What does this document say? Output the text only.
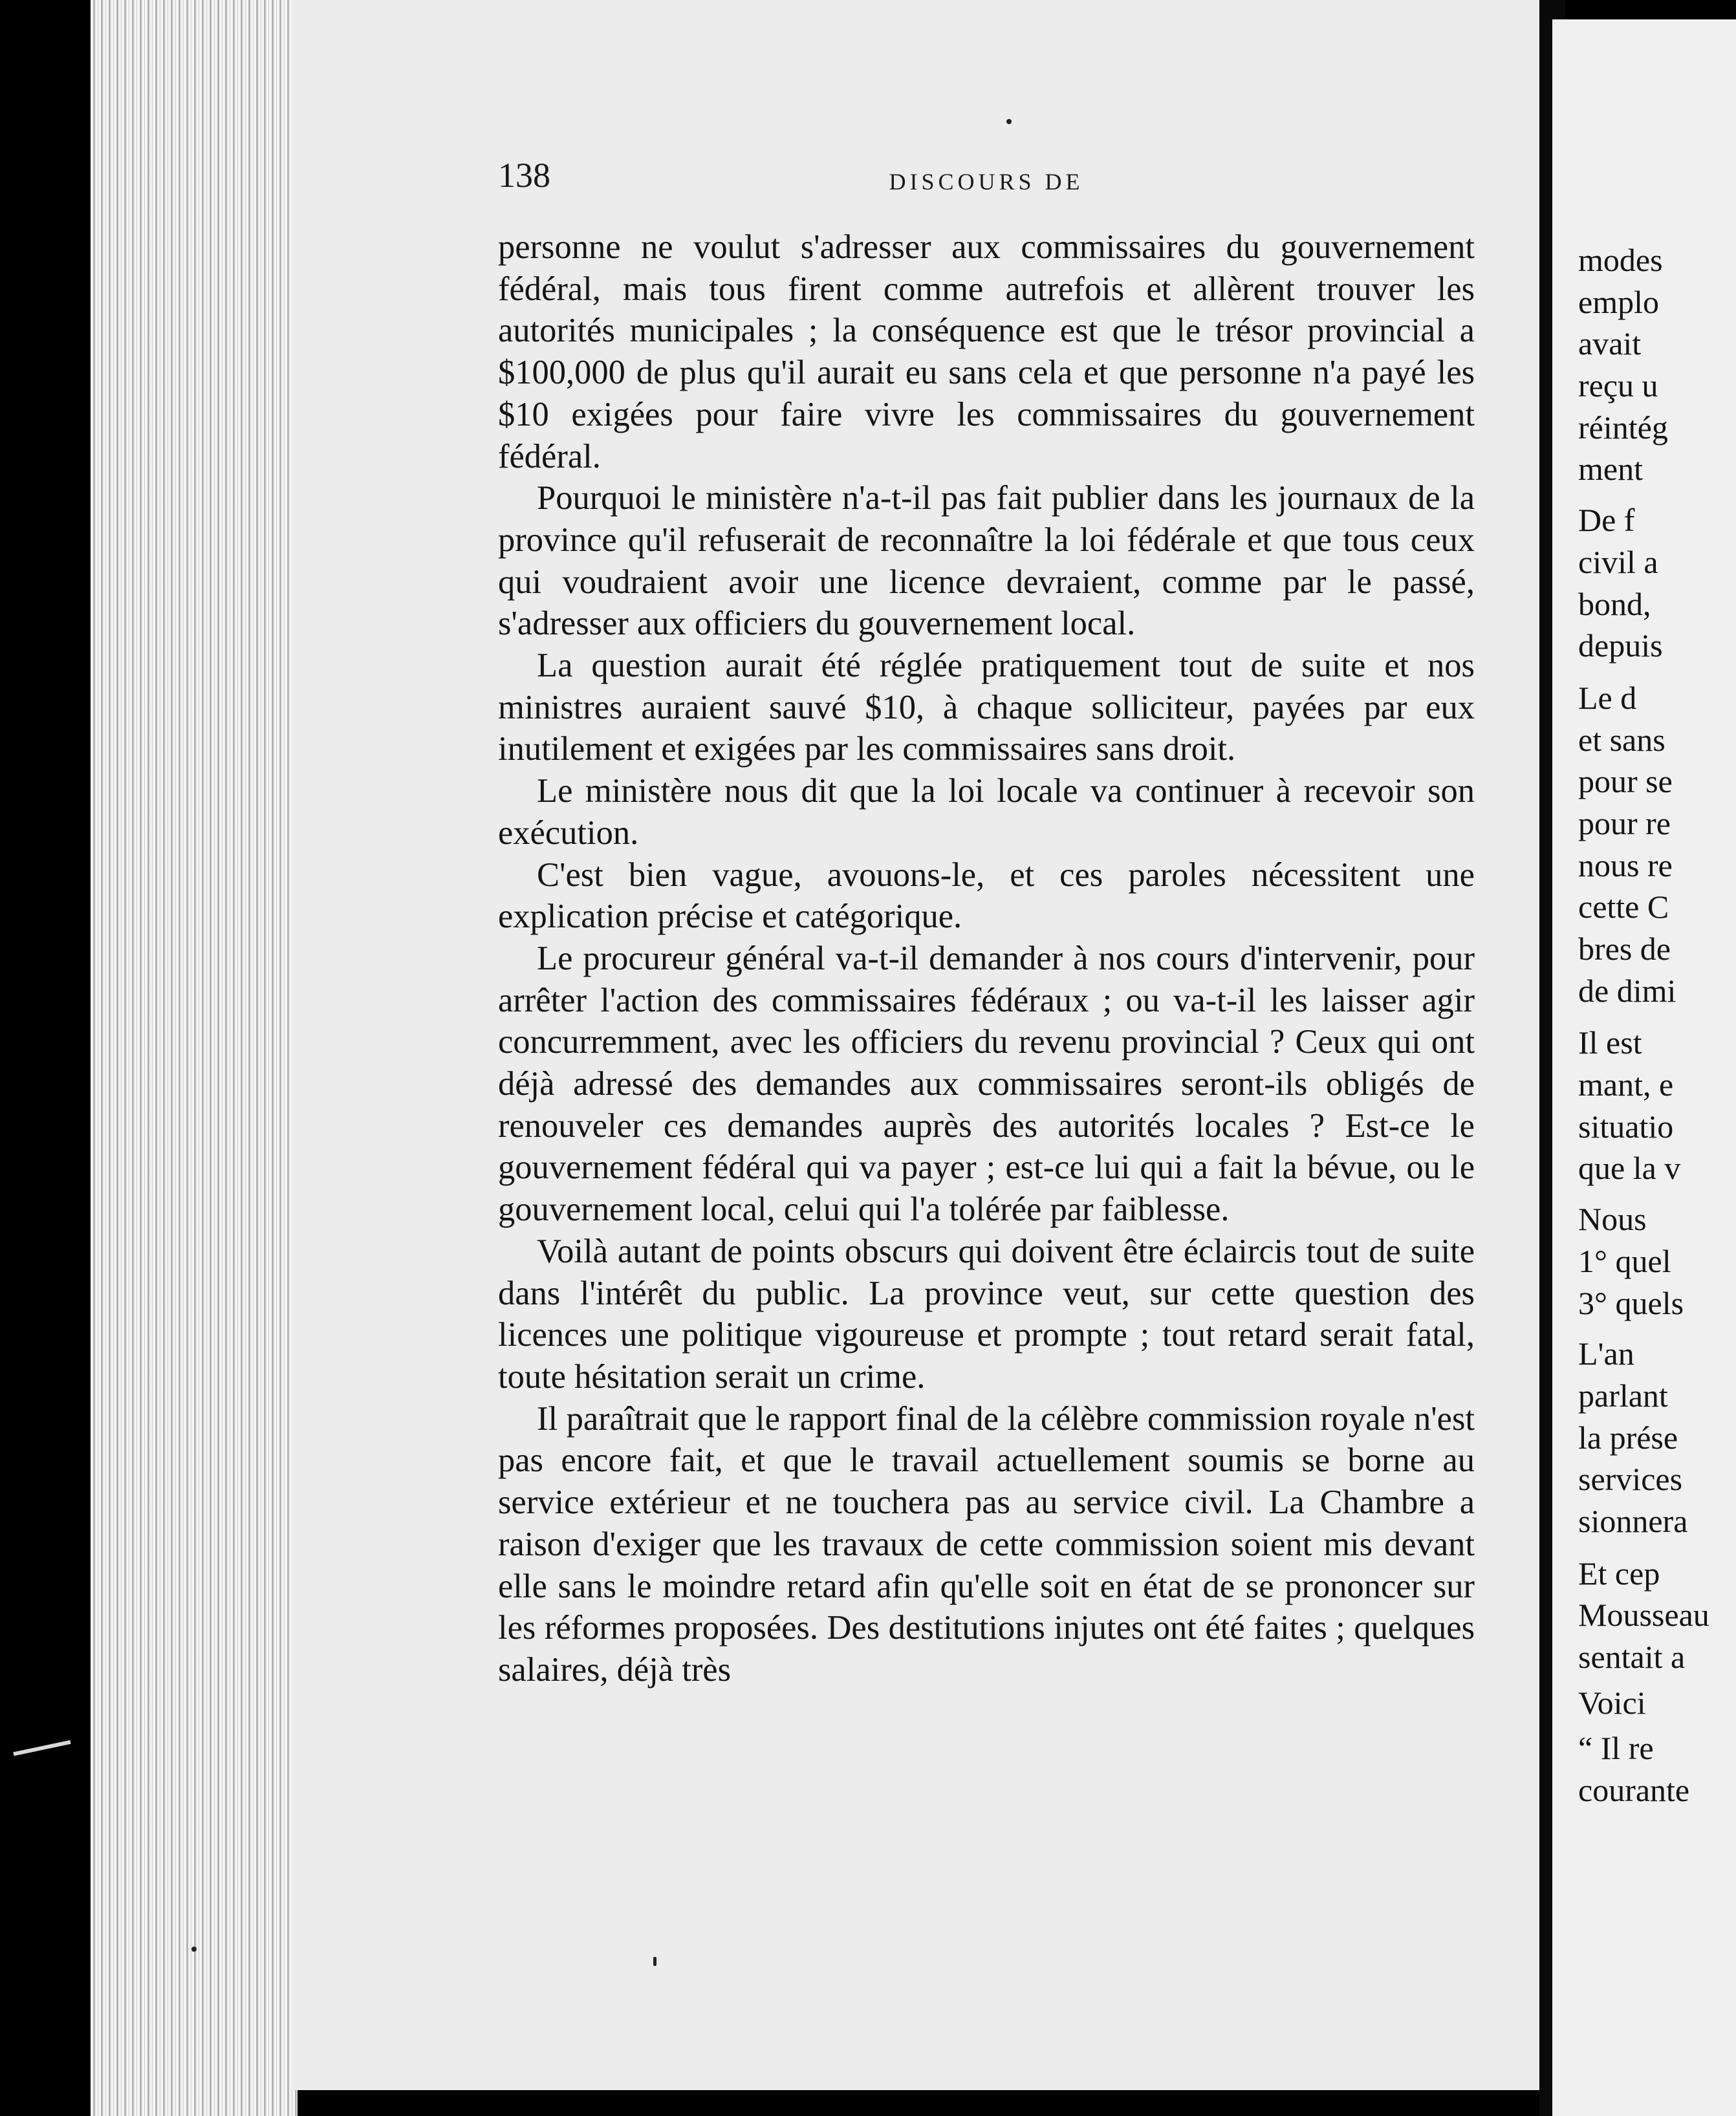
138	DISCOURS DE

personne ne voulut s'adresser aux commissaires du gouvernement fédéral, mais tous firent comme autrefois et allèrent trouver les autorités municipales ; la conséquence est que le trésor provincial a $100,000 de plus qu'il aurait eu sans cela et que personne n'a payé les $10 exigées pour faire vivre les commissaires du gouvernement fédéral.

Pourquoi le ministère n'a-t-il pas fait publier dans les journaux de la province qu'il refuserait de reconnaître la loi fédérale et que tous ceux qui voudraient avoir une licence devraient, comme par le passé, s'adresser aux officiers du gouvernement local.

La question aurait été réglée pratiquement tout de suite et nos ministres auraient sauvé $10, à chaque solliciteur, payées par eux inutilement et exigées par les commissaires sans droit.

Le ministère nous dit que la loi locale va continuer à recevoir son exécution.

C'est bien vague, avouons-le, et ces paroles nécessitent une explication précise et catégorique.

Le procureur général va-t-il demander à nos cours d'intervenir, pour arrêter l'action des commissaires fédéraux ; ou va-t-il les laisser agir concurremment, avec les officiers du revenu provincial ? Ceux qui ont déjà adressé des demandes aux commissaires seront-ils obligés de renouveler ces demandes auprès des autorités locales ? Est-ce le gouvernement fédéral qui va payer ; est-ce lui qui a fait la bévue, ou le gouvernement local, celui qui l'a tolérée par faiblesse.

Voilà autant de points obscurs qui doivent être éclaircis tout de suite dans l'intérêt du public. La province veut, sur cette question des licences une politique vigoureuse et prompte ; tout retard serait fatal, toute hésitation serait un crime.

Il paraîtrait que le rapport final de la célèbre commission royale n'est pas encore fait, et que le travail actuellement soumis se borne au service extérieur et ne touchera pas au service civil. La Chambre a raison d'exiger que les travaux de cette commission soient mis devant elle sans le moindre retard afin qu'elle soit en état de se prononcer sur les réformes proposées. Des destitutions injutes ont été faites ; quelques salaires, déjà très

modes
emplo
avait
reçu u
réintég
ment
De f
civil a
bond,
depuis
Le d
et sans
pour se
pour re
nous re
cette C
bres de
de dimi
Il est
mant, e
situatio
que la v
Nous
1° quel
3° quels
L'an
parlant
la prése
services
sionnera
Et cep
Mousseau
sentait a
Voici
“ Il re
courante
